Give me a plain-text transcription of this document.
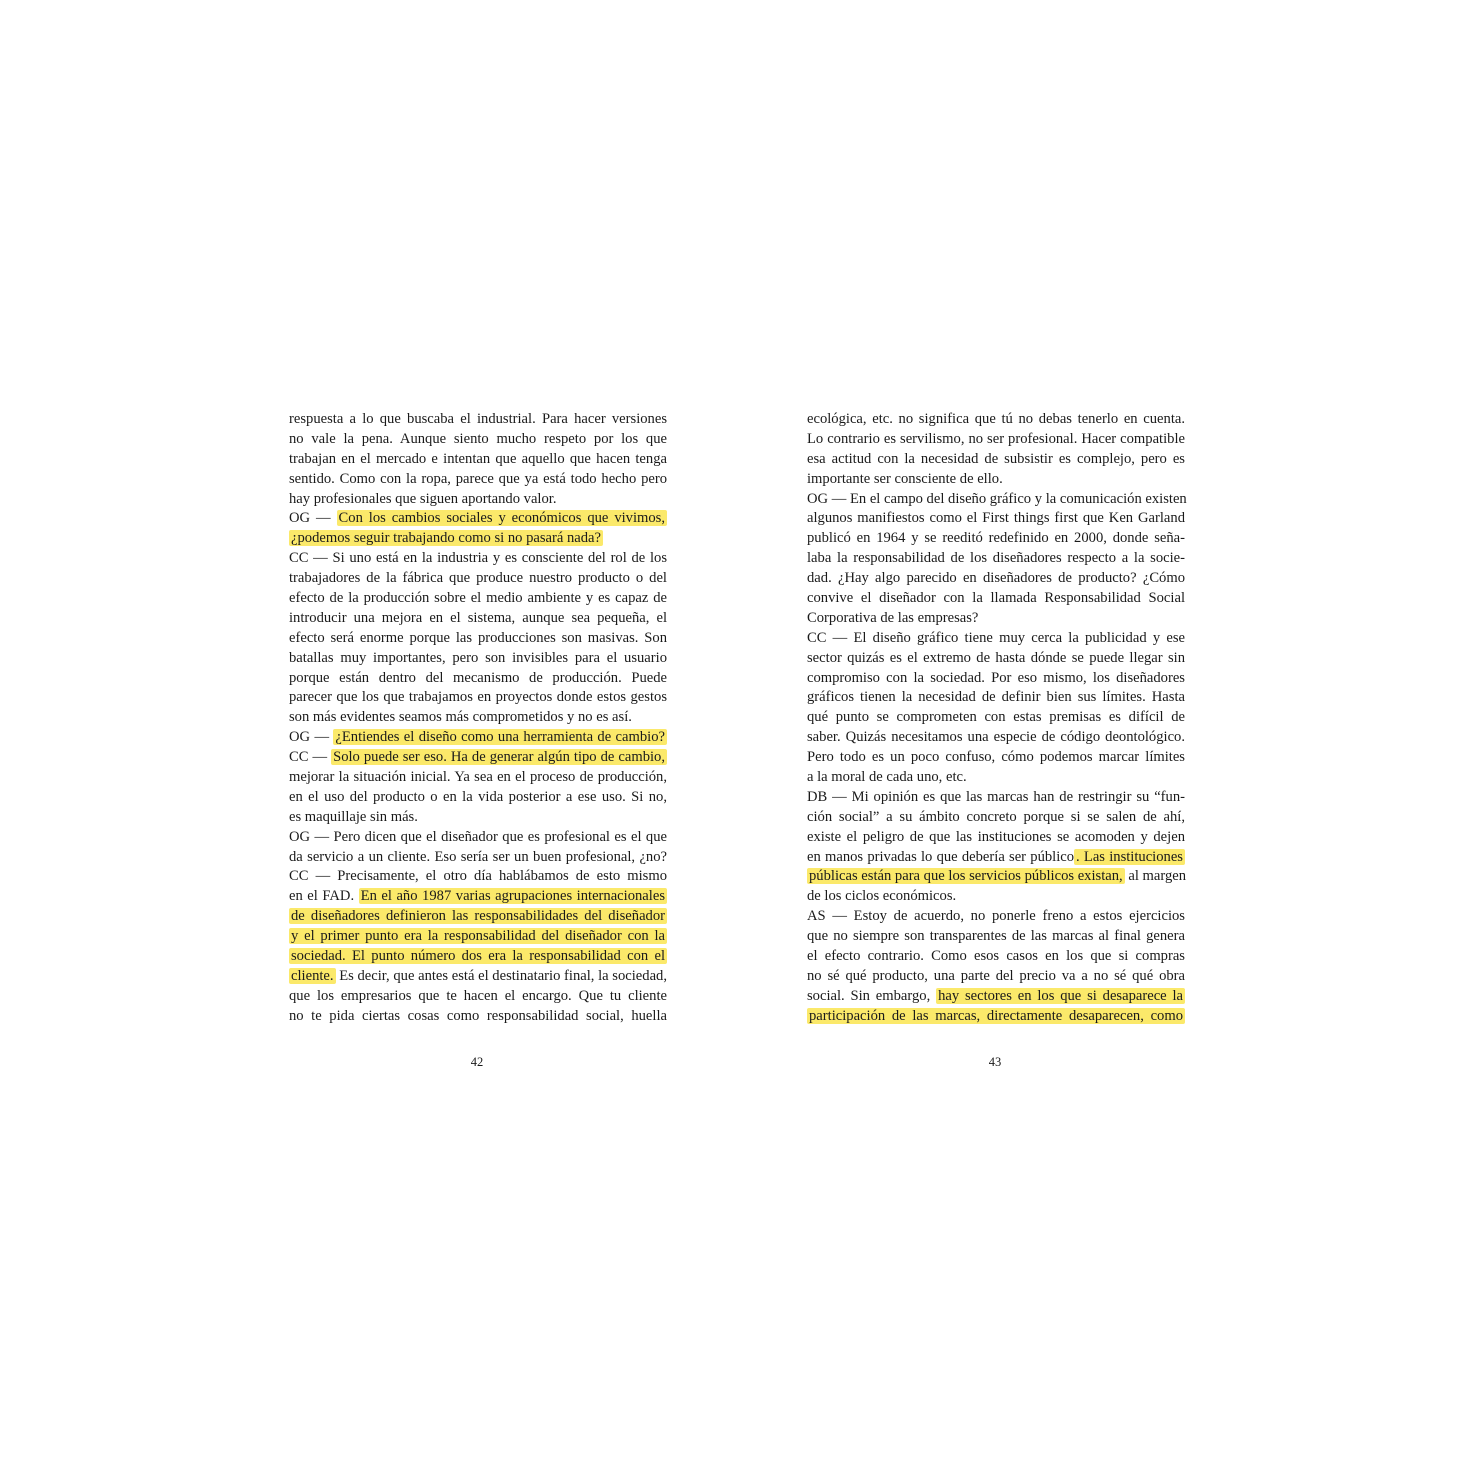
respuesta a lo que buscaba el industrial. Para hacer versiones
no vale la pena. Aunque siento mucho respeto por los que
trabajan en el mercado e intentan que aquello que hacen tenga
sentido. Como con la ropa, parece que ya está todo hecho pero
hay profesionales que siguen aportando valor.
OG — Con los cambios sociales y económicos que vivimos,
¿podemos seguir trabajando como si no pasará nada?
CC — Si uno está en la industria y es consciente del rol de los
trabajadores de la fábrica que produce nuestro producto o del
efecto de la producción sobre el medio ambiente y es capaz de
introducir una mejora en el sistema, aunque sea pequeña, el
efecto será enorme porque las producciones son masivas. Son
batallas muy importantes, pero son invisibles para el usuario
porque están dentro del mecanismo de producción. Puede
parecer que los que trabajamos en proyectos donde estos gestos
son más evidentes seamos más comprometidos y no es así.
OG — ¿Entiendes el diseño como una herramienta de cambio?
CC — Solo puede ser eso. Ha de generar algún tipo de cambio,
mejorar la situación inicial. Ya sea en el proceso de producción,
en el uso del producto o en la vida posterior a ese uso. Si no,
es maquillaje sin más.
OG — Pero dicen que el diseñador que es profesional es el que
da servicio a un cliente. Eso sería ser un buen profesional, ¿no?
CC — Precisamente, el otro día hablábamos de esto mismo
en el FAD. En el año 1987 varias agrupaciones internacionales
de diseñadores definieron las responsabilidades del diseñador
y el primer punto era la responsabilidad del diseñador con la
sociedad. El punto número dos era la responsabilidad con el
cliente. Es decir, que antes está el destinatario final, la sociedad,
que los empresarios que te hacen el encargo. Que tu cliente
no te pida ciertas cosas como responsabilidad social, huella
ecológica, etc. no significa que tú no debas tenerlo en cuenta.
Lo contrario es servilismo, no ser profesional. Hacer compatible
esa actitud con la necesidad de subsistir es complejo, pero es
importante ser consciente de ello.
OG — En el campo del diseño gráfico y la comunicación existen
algunos manifiestos como el First things first que Ken Garland
publicó en 1964 y se reeditó redefinido en 2000, donde seña-
laba la responsabilidad de los diseñadores respecto a la socie-
dad. ¿Hay algo parecido en diseñadores de producto? ¿Cómo
convive el diseñador con la llamada Responsabilidad Social
Corporativa de las empresas?
CC — El diseño gráfico tiene muy cerca la publicidad y ese
sector quizás es el extremo de hasta dónde se puede llegar sin
compromiso con la sociedad. Por eso mismo, los diseñadores
gráficos tienen la necesidad de definir bien sus límites. Hasta
qué punto se comprometen con estas premisas es difícil de
saber. Quizás necesitamos una especie de código deontológico.
Pero todo es un poco confuso, cómo podemos marcar límites
a la moral de cada uno, etc.
DB — Mi opinión es que las marcas han de restringir su “fun-
ción social” a su ámbito concreto porque si se salen de ahí,
existe el peligro de que las instituciones se acomoden y dejen
en manos privadas lo que debería ser público . Las instituciones
públicas están para que los servicios públicos existan, al margen
de los ciclos económicos.
AS — Estoy de acuerdo, no ponerle freno a estos ejercicios
que no siempre son transparentes de las marcas al final genera
el efecto contrario. Como esos casos en los que si compras
no sé qué producto, una parte del precio va a no sé qué obra
social. Sin embargo, hay sectores en los que si desaparece la
participación de las marcas, directamente desaparecen, como
42	43
